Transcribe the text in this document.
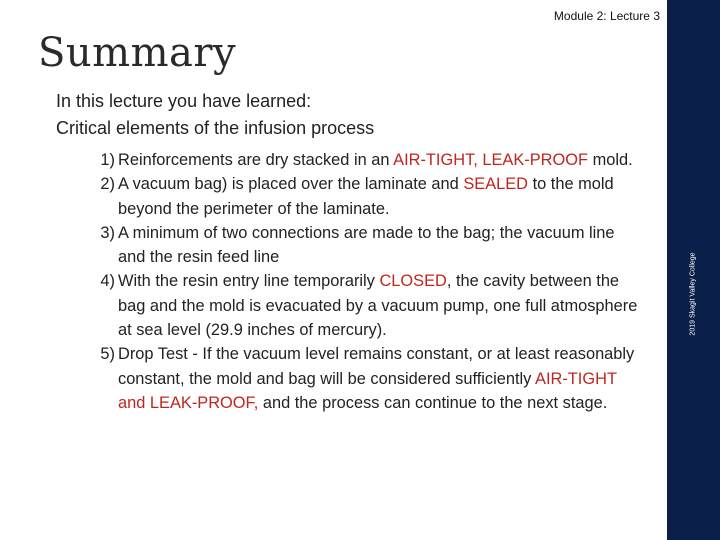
Module 2: Lecture 3
Summary

In this lecture you have learned:

Critical elements of the infusion process

1) Reinforcements are dry stacked in an AIR-TIGHT, LEAK-PROOF mold.
2) A vacuum bag) is placed over the laminate and SEALED to the mold beyond the perimeter of the laminate.
3) A minimum of two connections are made to the bag; the vacuum line and the resin feed line
4) With the resin entry line temporarily CLOSED, the cavity between the bag and the mold is evacuated by a vacuum pump, one full atmosphere at sea level (29.9 inches of mercury).
5) Drop Test - If the vacuum level remains constant, or at least reasonably constant, the mold and bag will be considered sufficiently AIR-TIGHT and LEAK-PROOF, and the process can continue to the next stage.
2019 Skagit Valley College
